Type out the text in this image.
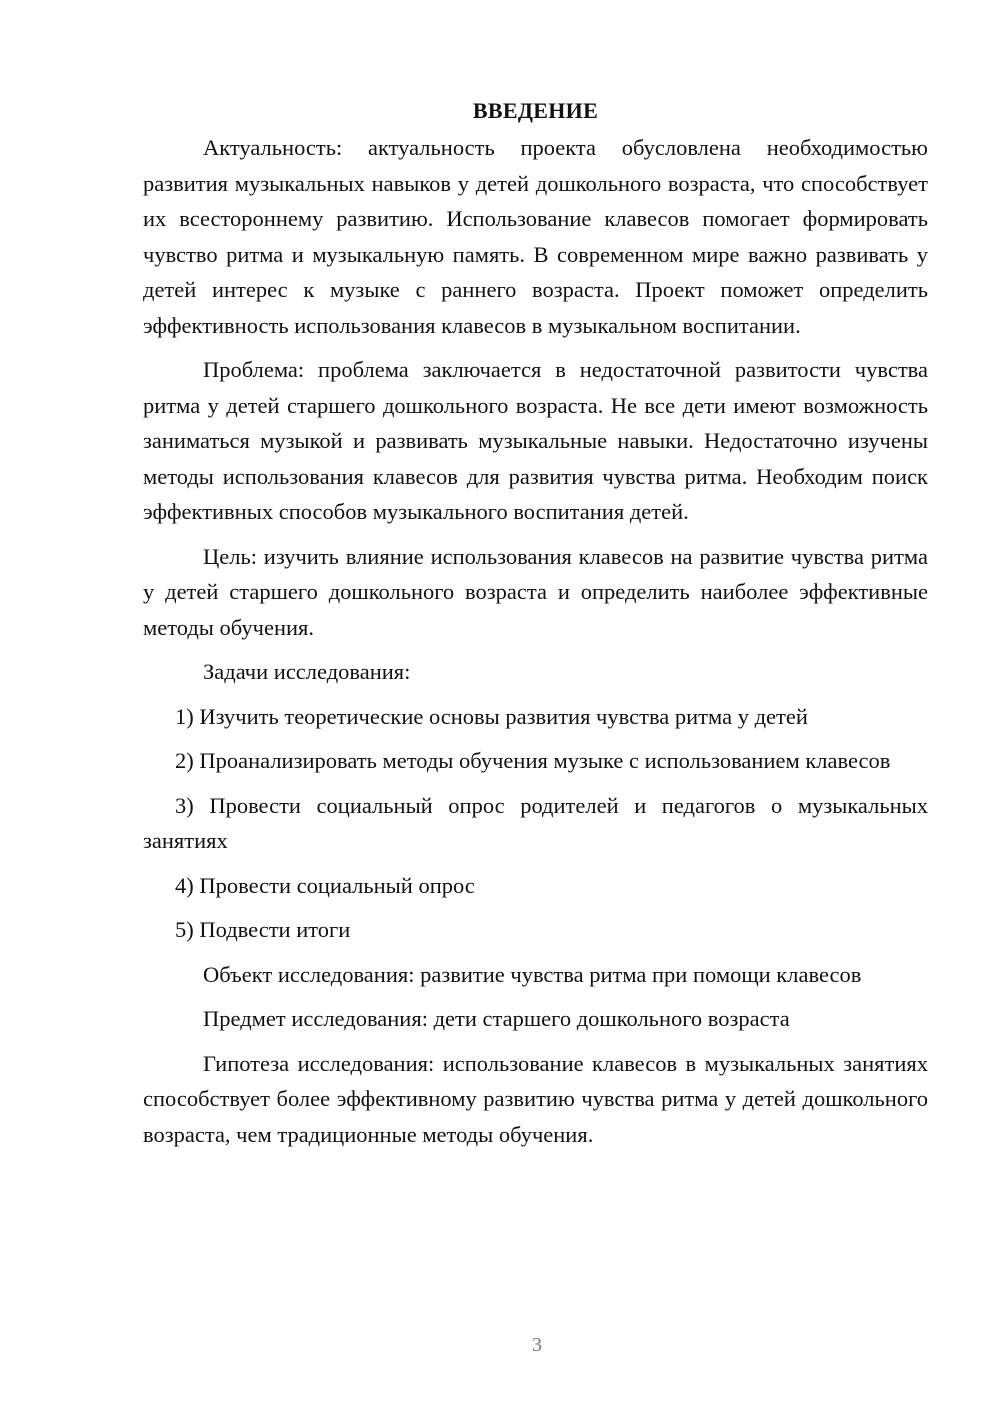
ВВЕДЕНИЕ

Актуальность: актуальность проекта обусловлена необходимостью развития музыкальных навыков у детей дошкольного возраста, что способствует их всестороннему развитию. Использование клавесов помогает формировать чувство ритма и музыкальную память. В современном мире важно развивать у детей интерес к музыке с раннего возраста. Проект поможет определить эффективность использования клавесов в музыкальном воспитании.

Проблема: проблема заключается в недостаточной развитости чувства ритма у детей старшего дошкольного возраста. Не все дети имеют возможность заниматься музыкой и развивать музыкальные навыки. Недостаточно изучены методы использования клавесов для развития чувства ритма. Необходим поиск эффективных способов музыкального воспитания детей.

Цель: изучить влияние использования клавесов на развитие чувства ритма у детей старшего дошкольного возраста и определить наиболее эффективные методы обучения.

Задачи исследования:

1) Изучить теоретические основы развития чувства ритма у детей

2) Проанализировать методы обучения музыке с использованием клавесов

3) Провести социальный опрос родителей и педагогов о музыкальных занятиях

4) Провести социальный опрос

5) Подвести итоги

Объект исследования: развитие чувства ритма при помощи клавесов

Предмет исследования: дети старшего дошкольного возраста

Гипотеза исследования: использование клавесов в музыкальных занятиях способствует более эффективному развитию чувства ритма у детей дошкольного возраста, чем традиционные методы обучения.

3
